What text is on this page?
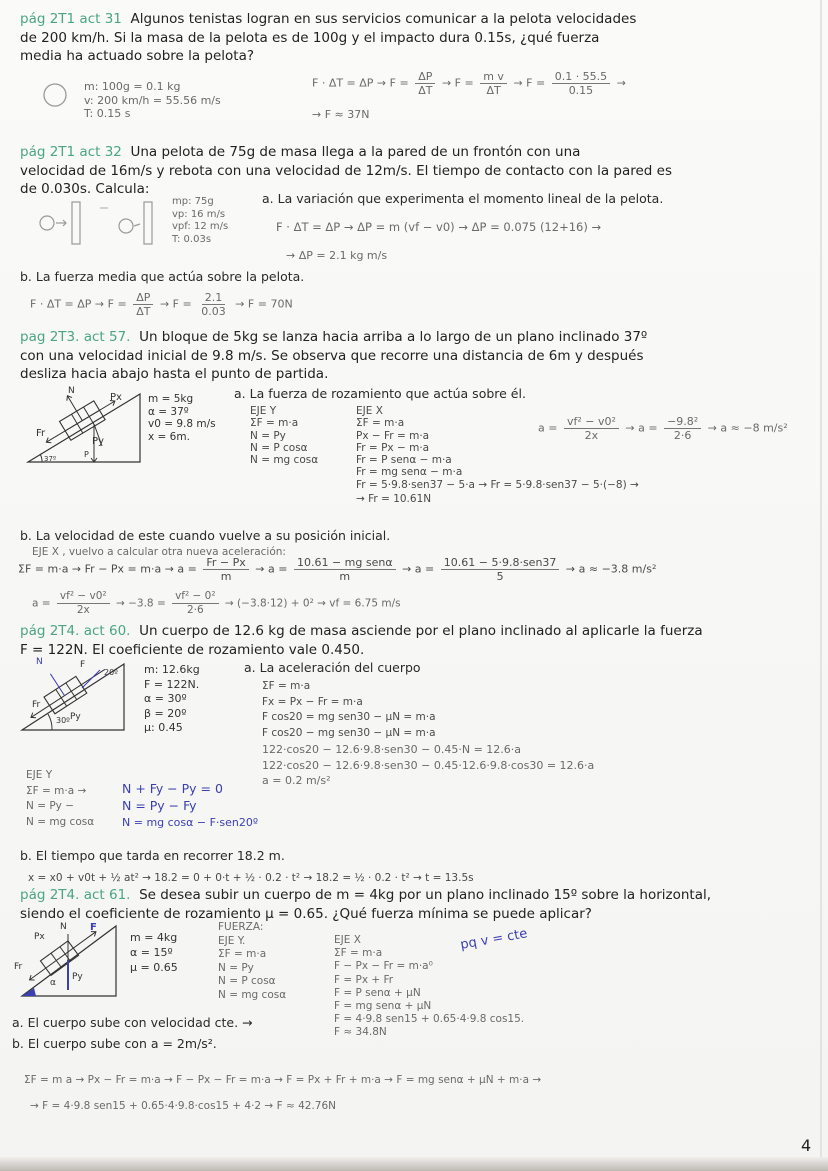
pág 2T1 act 31 Algunos tenistas logran en sus servicios comunicar a la pelota velocidades
de 200 km/h. Si la masa de la pelota es de 100g y el impacto dura 0.15s, ¿qué fuerza
media ha actuado sobre la pelota?
m: 100g = 0.1 kg
v: 200 km/h = 55.56 m/s
T: 0.15 s
$F \cdot \Delta T = \Delta P \to F = \frac{\Delta P}{\Delta T} \to F = \frac{\text{m v}}{\Delta T} \to F = \frac{0.1 \cdot 55.5}{0.15}$ →
→ F ≈ 37N
pág 2T1 act 32 Una pelota de 75g de masa llega a la pared de un frontón con una
velocidad de 16m/s y rebota con una velocidad de 12m/s. El tiempo de contacto con la pared es
de 0.030s. Calcula:
mp: 75g
vp: 16 m/s
vpf: 12 m/s
T: 0.03s
a. La variación que experimenta el momento lineal de la pelota.
F · ΔT = ΔP → ΔP = m (vf − v0) → ΔP = 0.075 (12+16) →
→ ΔP = 2.1 kg m/s
b. La fuerza media que actúa sobre la pelota.
$F \cdot \Delta T = \Delta P \to F = \frac{\Delta P}{\Delta T} \to F = \frac{2.1}{0.03} \to F = 70N$
pag 2T3. act 57. Un bloque de 5kg se lanza hacia arriba a lo largo de un plano inclinado 37º
con una velocidad inicial de 9.8 m/s. Se observa que recorre una distancia de 6m y después
desliza hacia abajo hasta el punto de partida.
N
Px
Fr
Py
P
37º
m = 5kg
α = 37º
v0 = 9.8 m/s
x = 6m.
a. La fuerza de rozamiento que actúa sobre él.
EJE Y
ΣF = m·a
N = Py
N = P cosα
N = mg cosα
EJE X
ΣF = m·a
Px − Fr = m·a
Fr = Px − m·a
Fr = P senα − m·a
Fr = mg senα − m·a
Fr = 5·9.8·sen37 − 5·a → Fr = 5·9.8·sen37 − 5·(−8) →
→ Fr = 10.61N
$a = \frac{\text{vf² − v0²}}{2x} \to a = \frac{\text{−9.8²}}{2\cdot 6} \to a \approx -8$ m/s²
b. La velocidad de este cuando vuelve a su posición inicial.
EJE X , vuelvo a calcular otra nueva aceleración:
$\Sigma F = m\cdot a \to Fr - Px = m\cdot a \to a = \frac{Fr - Px}{m} \to a = \frac{\text{10.61 − mg senα}}{m} \to a = \frac{\text{10.61 − 5·9.8·sen37}}{5} \to a \approx -3.8$ m/s²
$a = \frac{\text{vf² − v0²}}{2x} \to -3.8 = \frac{\text{vf² − 0²}}{2\cdot 6} \to (-3.8\cdot 12) + 0^2$ → vf = 6.75 m/s
pág 2T4. act 60. Un cuerpo de 12.6 kg de masa asciende por el plano inclinado al aplicarle la fuerza
F = 122N. El coeficiente de rozamiento vale 0.450.
N	F
20º
Fr
Py
30º
m: 12.6kg
F = 122N.
α = 30º
β = 20º
μ: 0.45
a. La aceleración del cuerpo
ΣF = m·a
Fx = Px − Fr = m·a
F cos20 = mg sen30 − μN = m·a
F cos20 − mg sen30 − μN = m·a
122·cos20 − 12.6·9.8·sen30 − 0.45·N = 12.6·a
122·cos20 − 12.6·9.8·sen30 − 0.45·12.6·9.8·cos30 = 12.6·a
a = 0.2 m/s²
EJE Y
ΣF = m·a →
N = Py −
N = mg cosα
N + Fy − Py = 0
N = Py − Fy
N = mg cosα − F·sen20º
b. El tiempo que tarda en recorrer 18.2 m.
x = x0 + v0t + ½ at² → 18.2 = 0 + 0·t + ½ · 0.2 · t² → 18.2 = ½ · 0.2 · t² → t = 13.5s
pág 2T4. act 61. Se desea subir un cuerpo de m = 4kg por un plano inclinado 15º sobre la horizontal,
siendo el coeficiente de rozamiento μ = 0.65. ¿Qué fuerza mínima se puede aplicar?
N
Px
F
Fr
Py
α
m = 4kg
α = 15º
μ = 0.65
FUERZA:
EJE Y.
ΣF = m·a
N = Py
N = P cosα
N = mg cosα
EJE X
ΣF = m·a
F − Px − Fr = m·a⁰
F = Px + Fr
F = P senα + μN
F = mg senα + μN
F = 4·9.8 sen15 + 0.65·4·9.8 cos15.
F ≈ 34.8N
pq v = cte
a. El cuerpo sube con velocidad cte. →
b. El cuerpo sube con a = 2m/s².
ΣF = m a → Px − Fr = m·a → F − Px − Fr = m·a → F = Px + Fr + m·a → F = mg senα + μN + m·a →
→ F = 4·9.8 sen15 + 0.65·4·9.8·cos15 + 4·2 → F ≈ 42.76N
4
